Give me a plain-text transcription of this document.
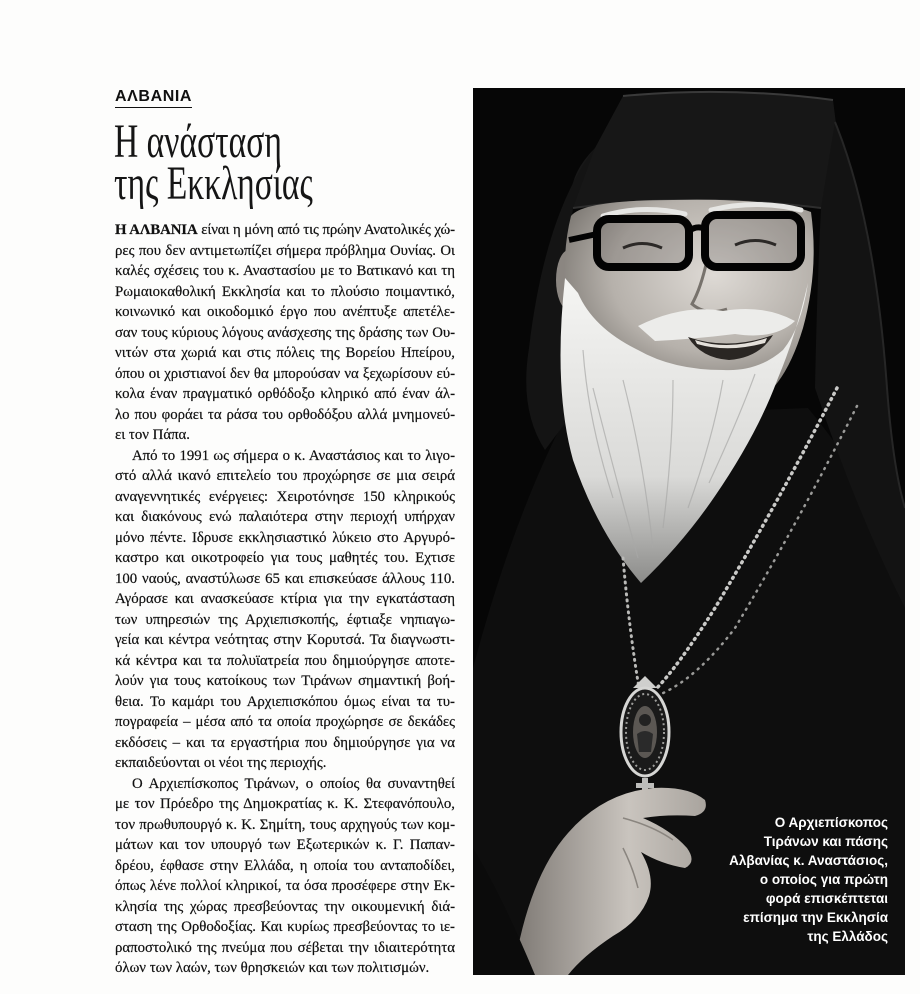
ΑΛΒΑΝΙΑ
Η ανάσταση
της Εκκλησίας
Η ΑΛΒΑΝΙΑ είναι η μόνη από τις πρώην Ανατολικές χώ-
ρες που δεν αντιμετωπίζει σήμερα πρόβλημα Ουνίας. Οι
καλές σχέσεις του κ. Αναστασίου με το Βατικανό και τη
Ρωμαιοκαθολική Εκκλησία και το πλούσιο ποιμαντικό,
κοινωνικό και οικοδομικό έργο που ανέπτυξε απετέλε-
σαν τους κύριους λόγους ανάσχεσης της δράσης των Ου-
νιτών στα χωριά και στις πόλεις της Βορείου Ηπείρου,
όπου οι χριστιανοί δεν θα μπορούσαν να ξεχωρίσουν εύ-
κολα έναν πραγματικό ορθόδοξο κληρικό από έναν άλ-
λο που φοράει τα ράσα του ορθοδόξου αλλά μνημονεύ-
ει τον Πάπα.
Από το 1991 ως σήμερα ο κ. Αναστάσιος και το λιγο-
στό αλλά ικανό επιτελείο του προχώρησε σε μια σειρά
αναγεννητικές ενέργειες: Χειροτόνησε 150 κληρικούς
και διακόνους ενώ παλαιότερα στην περιοχή υπήρχαν
μόνο πέντε. Ιδρυσε εκκλησιαστικό λύκειο στο Αργυρό-
καστρο και οικοτροφείο για τους μαθητές του. Εχτισε
100 ναούς, αναστύλωσε 65 και επισκεύασε άλλους 110.
Αγόρασε και ανασκεύασε κτίρια για την εγκατάσταση
των υπηρεσιών της Αρχιεπισκοπής, έφτιαξε νηπιαγω-
γεία και κέντρα νεότητας στην Κορυτσά. Τα διαγνωστι-
κά κέντρα και τα πολυϊατρεία που δημιούργησε αποτε-
λούν για τους κατοίκους των Τιράνων σημαντική βοή-
θεια. Το καμάρι του Αρχιεπισκόπου όμως είναι τα τυ-
πογραφεία – μέσα από τα οποία προχώρησε σε δεκάδες
εκδόσεις – και τα εργαστήρια που δημιούργησε για να
εκπαιδεύονται οι νέοι της περιοχής.
Ο Αρχιεπίσκοπος Τιράνων, ο οποίος θα συναντηθεί
με τον Πρόεδρο της Δημοκρατίας κ. Κ. Στεφανόπουλο,
τον πρωθυπουργό κ. Κ. Σημίτη, τους αρχηγούς των κομ-
μάτων και τον υπουργό των Εξωτερικών κ. Γ. Παπαν-
δρέου, έφθασε στην Ελλάδα, η οποία του ανταποδίδει,
όπως λένε πολλοί κληρικοί, τα όσα προσέφερε στην Εκ-
κλησία της χώρας πρεσβεύοντας την οικουμενική διά-
σταση της Ορθοδοξίας. Και κυρίως πρεσβεύοντας το ιε-
ραποστολικό της πνεύμα που σέβεται την ιδιαιτερότητα
όλων των λαών, των θρησκειών και των πολιτισμών.
Ο Αρχιεπίσκοπος
Τιράνων και πάσης
Αλβανίας κ. Αναστάσιος,
ο οποίος για πρώτη
φορά επισκέπτεται
επίσημα την Εκκλησία
της Ελλάδος
